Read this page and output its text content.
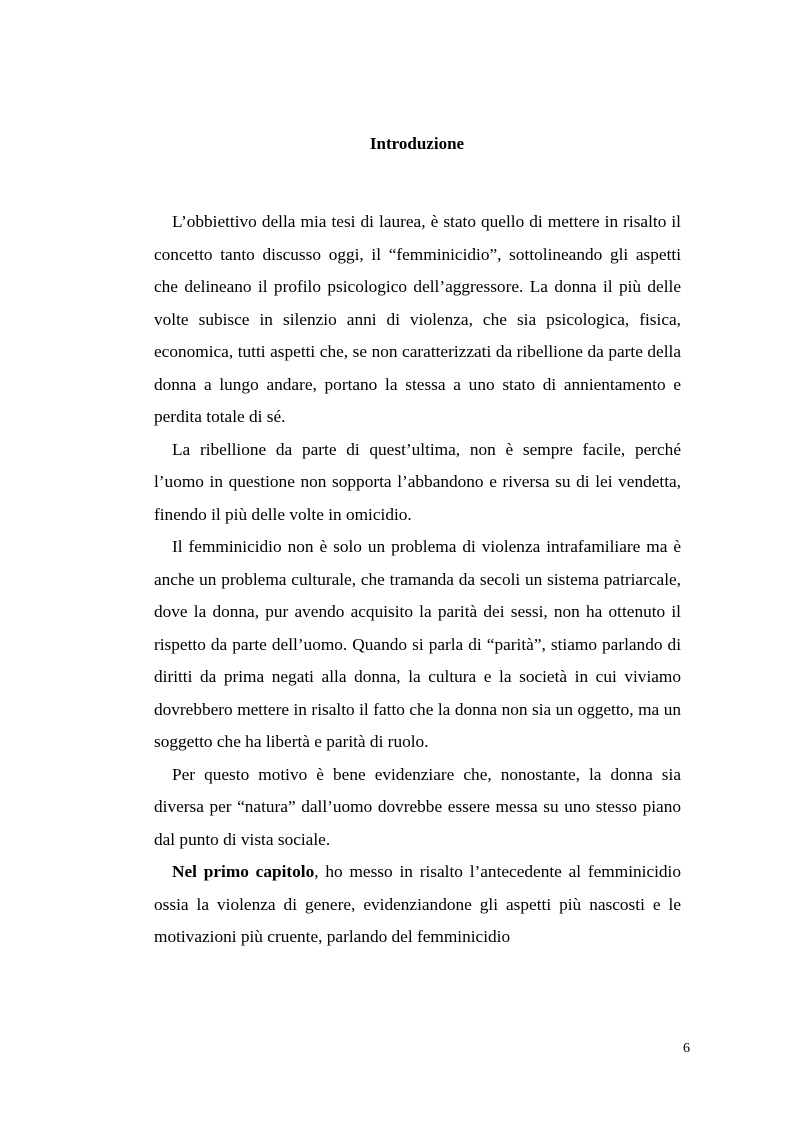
Introduzione

L’obbiettivo della mia tesi di laurea, è stato quello di mettere in risalto il concetto tanto discusso oggi, il “femminicidio”, sottolineando gli aspetti che delineano il profilo psicologico dell’aggressore. La donna il più delle volte subisce in silenzio anni di violenza, che sia psicologica, fisica, economica, tutti aspetti che, se non caratterizzati da ribellione da parte della donna a lungo andare, portano la stessa a uno stato di annientamento e perdita totale di sé.

La ribellione da parte di quest’ultima, non è sempre facile, perché l’uomo in questione non sopporta l’abbandono e riversa su di lei vendetta, finendo il più delle volte in omicidio.

Il femminicidio non è solo un problema di violenza intrafamiliare ma è anche un problema culturale, che tramanda da secoli un sistema patriarcale, dove la donna, pur avendo acquisito la parità dei sessi, non ha ottenuto il rispetto da parte dell’uomo. Quando si parla di “parità”, stiamo parlando di diritti da prima negati alla donna, la cultura e la società in cui viviamo dovrebbero mettere in risalto il fatto che la donna non sia un oggetto, ma un soggetto che ha libertà e parità di ruolo.

Per questo motivo è bene evidenziare che, nonostante, la donna sia diversa per “natura” dall’uomo dovrebbe essere messa su uno stesso piano dal punto di vista sociale.

Nel primo capitolo, ho messo in risalto l’antecedente al femminicidio ossia la violenza di genere, evidenziandone gli aspetti più nascosti e le motivazioni più cruente, parlando del femminicidio

6
